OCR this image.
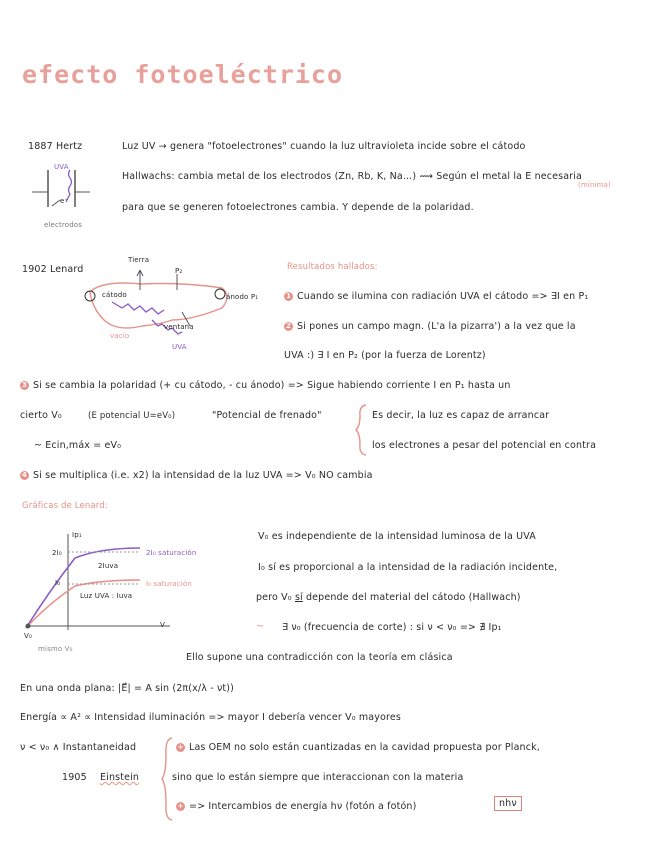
efecto fotoeléctrico
1887 Hertz	Luz UV → genera "fotoelectrones" cuando la luz ultravioleta incide sobre el cátodo
Hallwachs: cambia metal de los electrodos (Zn, Rb, K, Na...) ⟿ Según el metal la E necesaria
(mínima)
para que se generen fotoelectrones cambia. Y depende de la polaridad.
UVA
e⁻
electrodos
1902 Lenard
Tierra
P₂
cátodo	ánodo P₁
vacío
ventana
UVA
Resultados hallados:
1 Cuando se ilumina con radiación UVA el cátodo => ∃I en P₁
2 Si pones un campo magn. (L'a la pizarra') a la vez que la
UVA :) ∃ I en P₂ (por la fuerza de Lorentz)
3 Si se cambia la polaridad (+ cu cátodo, - cu ánodo) => Sigue habiendo corriente I en P₁ hasta un
cierto V₀	(E potencial U=eV₀)	"Potencial de frenado"
~ Ecin,máx = eV₀
Es decir, la luz es capaz de arrancar
los electrones a pesar del potencial en contra
4 Si se multiplica (i.e. x2) la intensidad de la luz UVA => V₀ NO cambia
Gráficas de Lenard:
Ip₁
2I₀
I₀
2Iuva
Luz UVA : Iuva
2I₀ saturación
I₀ saturación
V
V₀
mismo V₀
V₀ es independiente de la intensidad luminosa de la UVA
I₀ sí es proporcional a la intensidad de la radiación incidente,
pero V₀ sí depende del material del cátodo (Hallwach)
~ ∃ ν₀ (frecuencia de corte) : si ν < ν₀ => ∄ Ip₁
Ello supone una contradicción con la teoría em clásica
En una onda plana: |E⃗| = A sin (2π(x/λ - νt))
Energía ∝ A² ∝ Intensidad iluminación => mayor I debería vencer V₀ mayores
ν < ν₀ ∧ Instantaneidad
1905 Einstein
+ Las OEM no solo están cuantizadas en la cavidad propuesta por Planck,
sino que lo están siempre que interaccionan con la materia
+ => Intercambios de energía hν (fotón a fotón)	nhν
